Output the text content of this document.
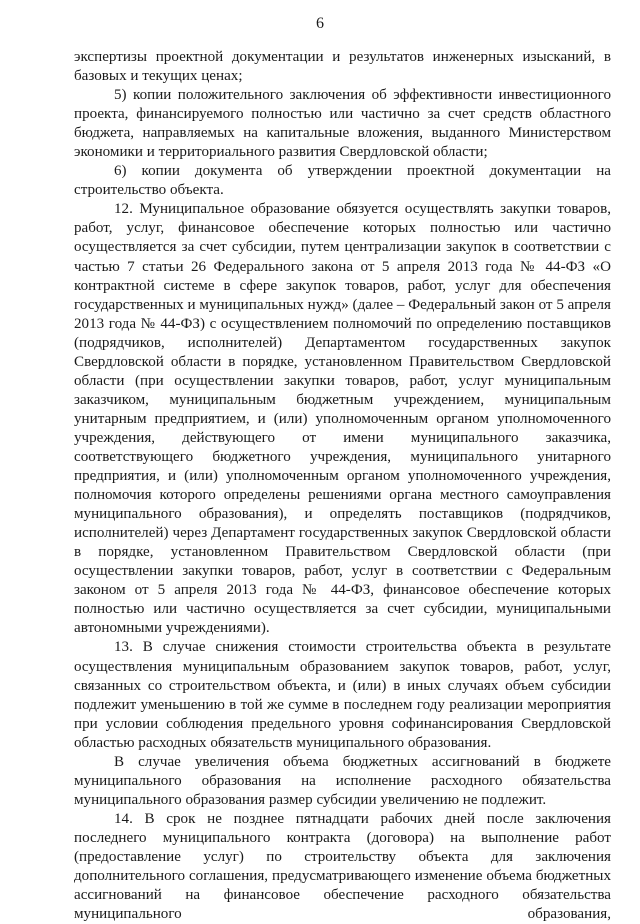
6

экспертизы проектной документации и результатов инженерных изысканий, в базовых и текущих ценах;

5) копии положительного заключения об эффективности инвестиционного проекта, финансируемого полностью или частично за счет средств областного бюджета, направляемых на капитальные вложения, выданного Министерством экономики и территориального развития Свердловской области;

6) копии документа об утверждении проектной документации на строительство объекта.

12. Муниципальное образование обязуется осуществлять закупки товаров, работ, услуг, финансовое обеспечение которых полностью или частично осуществляется за счет субсидии, путем централизации закупок в соответствии с частью 7 статьи 26 Федерального закона от 5 апреля 2013 года № 44-ФЗ «О контрактной системе в сфере закупок товаров, работ, услуг для обеспечения государственных и муниципальных нужд» (далее – Федеральный закон от 5 апреля 2013 года № 44-ФЗ) с осуществлением полномочий по определению поставщиков (подрядчиков, исполнителей) Департаментом государственных закупок Свердловской области в порядке, установленном Правительством Свердловской области (при осуществлении закупки товаров, работ, услуг муниципальным заказчиком, муниципальным бюджетным учреждением, муниципальным унитарным предприятием, и (или) уполномоченным органом уполномоченного учреждения, действующего от имени муниципального заказчика, соответствующего бюджетного учреждения, муниципального унитарного предприятия, и (или) уполномоченным органом уполномоченного учреждения, полномочия которого определены решениями органа местного самоуправления муниципального образования), и определять поставщиков (подрядчиков, исполнителей) через Департамент государственных закупок Свердловской области в порядке, установленном Правительством Свердловской области (при осуществлении закупки товаров, работ, услуг в соответствии с Федеральным законом от 5 апреля 2013 года № 44-ФЗ, финансовое обеспечение которых полностью или частично осуществляется за счет субсидии, муниципальными автономными учреждениями).

13. В случае снижения стоимости строительства объекта в результате осуществления муниципальным образованием закупок товаров, работ, услуг, связанных со строительством объекта, и (или) в иных случаях объем субсидии подлежит уменьшению в той же сумме в последнем году реализации мероприятия при условии соблюдения предельного уровня софинансирования Свердловской областью расходных обязательств муниципального образования.

В случае увеличения объема бюджетных ассигнований в бюджете муниципального образования на исполнение расходного обязательства муниципального образования размер субсидии увеличению не подлежит.

14. В срок не позднее пятнадцати рабочих дней после заключения последнего муниципального контракта (договора) на выполнение работ (предоставление услуг) по строительству объекта для заключения дополнительного соглашения, предусматривающего изменение объема бюджетных ассигнований на финансовое обеспечение расходного обязательства муниципального образования,
